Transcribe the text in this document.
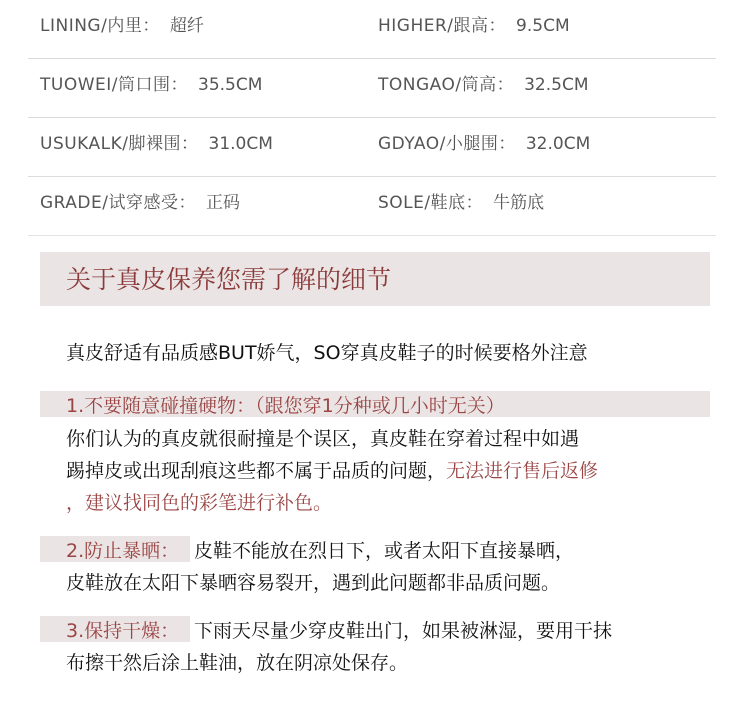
LINING/内里： 超纤	HIGHER/跟高： 9.5CM
TUOWEI/筒口围： 35.5CM	TONGAO/筒高： 32.5CM
USUKALK/脚裸围： 31.0CM	GDYAO/小腿围： 32.0CM
GRADE/试穿感受： 正码	SOLE/鞋底： 牛筋底
关于真皮保养您需了解的细节
真皮舒适有品质感BUT娇气，SO穿真皮鞋子的时候要格外注意
1.不要随意碰撞硬物：（跟您穿1分种或几小时无关）
你们认为的真皮就很耐撞是个误区，真皮鞋在穿着过程中如遇
踢掉皮或出现刮痕这些都不属于品质的问题，无法进行售后返修
，建议找同色的彩笔进行补色。
2.防止暴晒： 皮鞋不能放在烈日下，或者太阳下直接暴晒，
皮鞋放在太阳下暴晒容易裂开，遇到此问题都非品质问题。
3.保持干燥： 下雨天尽量少穿皮鞋出门，如果被淋湿，要用干抹
布擦干然后涂上鞋油，放在阴凉处保存。
